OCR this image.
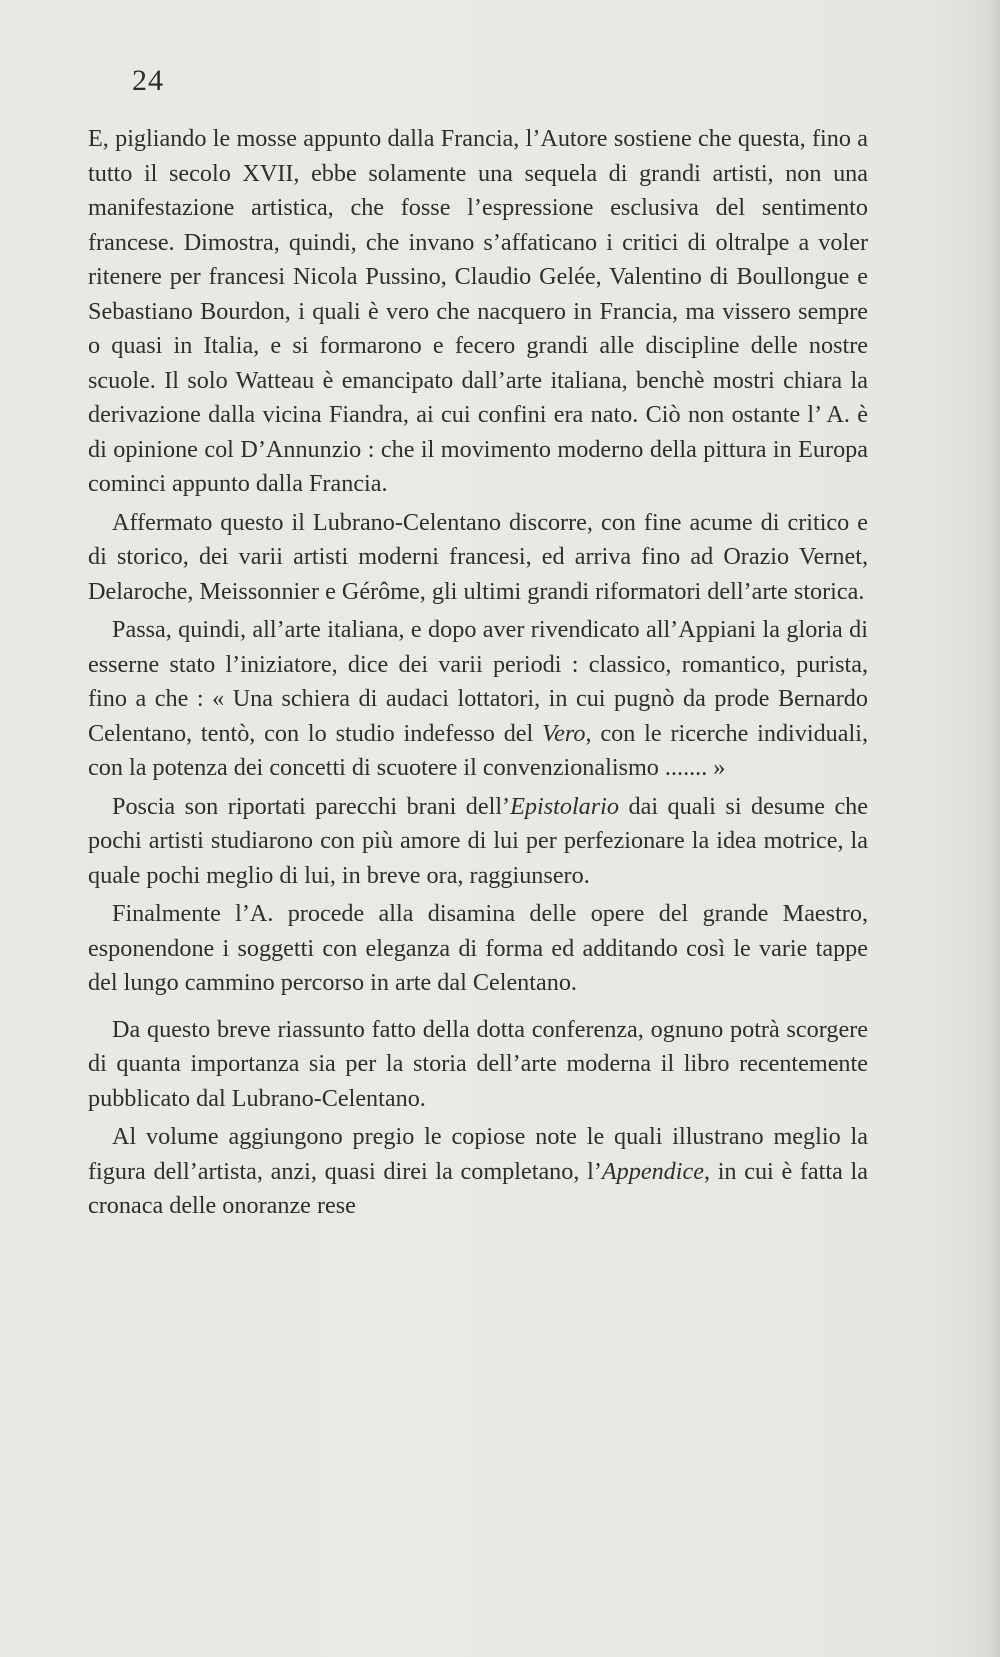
24

E, pigliando le mosse appunto dalla Francia, l’Autore sostiene che questa, fino a tutto il secolo XVII, ebbe solamente una sequela di grandi artisti, non una manifestazione artistica, che fosse l’espressione esclusiva del sentimento francese. Dimostra, quindi, che invano s’affaticano i critici di oltralpe a voler ritenere per francesi Nicola Pussino, Claudio Gelée, Valentino di Boullongue e Sebastiano Bourdon, i quali è vero che nacquero in Francia, ma vissero sempre o quasi in Italia, e si formarono e fecero grandi alle discipline delle nostre scuole. Il solo Watteau è emancipato dall’arte italiana, benchè mostri chiara la derivazione dalla vicina Fiandra, ai cui confini era nato. Ciò non ostante l’ A. è di opinione col D’Annunzio : che il movimento moderno della pittura in Europa cominci appunto dalla Francia.

Affermato questo il Lubrano-Celentano discorre, con fine acume di critico e di storico, dei varii artisti moderni francesi, ed arriva fino ad Orazio Vernet, Delaroche, Meissonnier e Gérôme, gli ultimi grandi riformatori dell’arte storica.

Passa, quindi, all’arte italiana, e dopo aver rivendicato all’Appiani la gloria di esserne stato l’iniziatore, dice dei varii periodi : classico, romantico, purista, fino a che : « Una schiera di audaci lottatori, in cui pugnò da prode Bernardo Celentano, tentò, con lo studio indefesso del Vero, con le ricerche individuali, con la potenza dei concetti di scuotere il convenzionalismo ....... »

Poscia son riportati parecchi brani dell’Epistolario dai quali si desume che pochi artisti studiarono con più amore di lui per perfezionare la idea motrice, la quale pochi meglio di lui, in breve ora, raggiunsero.

Finalmente l’A. procede alla disamina delle opere del grande Maestro, esponendone i soggetti con eleganza di forma ed additando così le varie tappe del lungo cammino percorso in arte dal Celentano.

Da questo breve riassunto fatto della dotta conferenza, ognuno potrà scorgere di quanta importanza sia per la storia dell’arte moderna il libro recentemente pubblicato dal Lubrano-Celentano.

Al volume aggiungono pregio le copiose note le quali illustrano meglio la figura dell’artista, anzi, quasi direi la completano, l’Appendice, in cui è fatta la cronaca delle onoranze rese
